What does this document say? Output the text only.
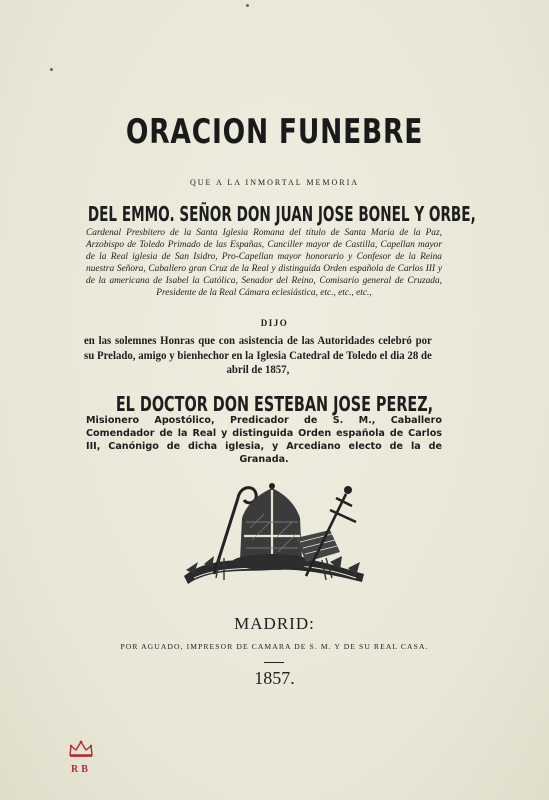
ORACION FUNEBRE
QUE A LA INMORTAL MEMORIA
DEL EMMO. SEÑOR DON JUAN JOSE BONEL Y ORBE,
Cardenal Presbitero de la Santa Iglesia Romana del título de Santa María de la Paz, Arzobispo de Toledo Primado de las Españas, Canciller mayor de Castilla, Capellan mayor de la Real iglesia de San Isidro, Pro-Capellan mayor honorario y Confesor de la Reina nuestra Señora, Caballero gran Cruz de la Real y distinguida Orden española de Carlos III y de la americana de Isabel la Católica, Senador del Reino, Comisario general de Cruzada, Presidente de la Real Cámara eclesiástica, etc., etc., etc.,
DIJO
en las solemnes Honras que con asistencia de las Autoridades celebró por su Prelado, amigo y bienhechor en la Iglesia Catedral de Toledo el dia 28 de abril de 1857,
EL DOCTOR DON ESTEBAN JOSE PEREZ,
Misionero Apostólico, Predicador de S. M., Caballero Comendador de la Real y distinguida Orden española de Carlos III, Canónigo de dicha iglesia, y Arcediano electo de la de Granada.
MADRID:
POR AGUADO, IMPRESOR DE CAMARA DE S. M. Y DE SU REAL CASA.
1857.
RB
